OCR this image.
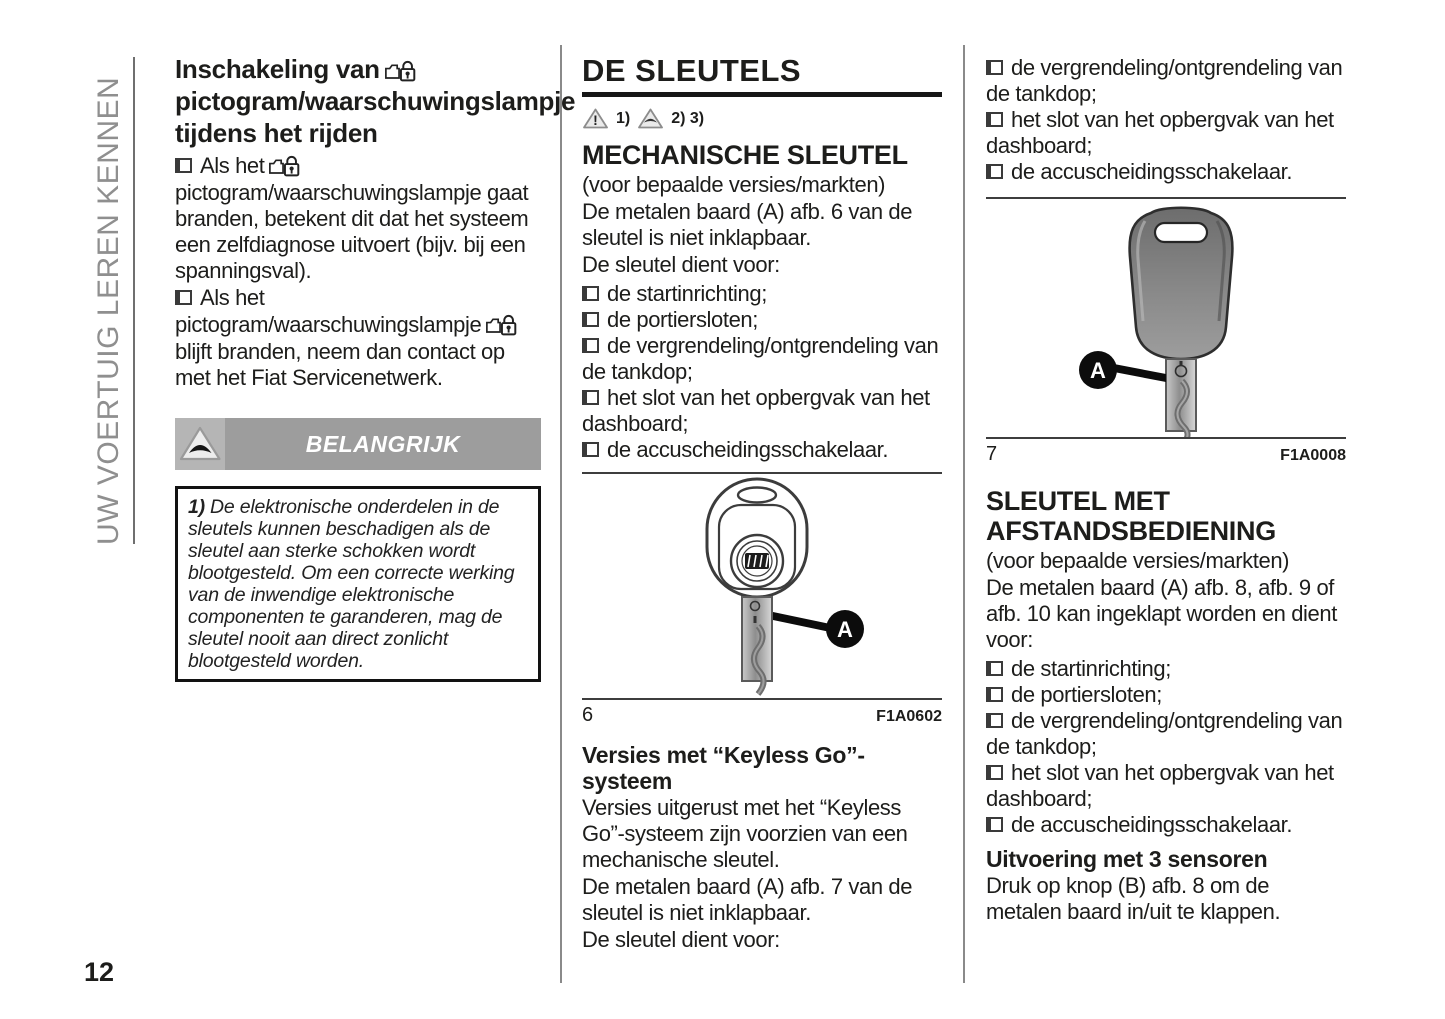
UW VOERTUIG LEREN KENNEN
12
Inschakeling van pictogram/waarschuwingslampje tijdens het rijden
Als het
pictogram/waarschuwingslampje gaat branden, betekent dit dat het systeem een zelfdiagnose uitvoert (bijv. bij een spanningsval).
Als het
pictogram/waarschuwingslampje
blijft branden, neem dan contact op met het Fiat Servicenetwerk.
BELANGRIJK
1) De elektronische onderdelen in de sleutels kunnen beschadigen als de sleutel aan sterke schokken wordt blootgesteld. Om een correcte werking van de inwendige elektronische componenten te garanderen, mag de sleutel nooit aan direct zonlicht blootgesteld worden.
DE SLEUTELS
! 1)	2) 3)
MECHANISCHE SLEUTEL
(voor bepaalde versies/markten)
De metalen baard (A) afb. 6 van de sleutel is niet inklapbaar.
De sleutel dient voor:
de startinrichting;
de portiersloten;
de vergrendeling/ontgrendeling van de tankdop;
het slot van het opbergvak van het dashboard;
de accuscheidingsschakelaar.
A
6	F1A0602
Versies met “Keyless Go”-systeem
Versies uitgerust met het “Keyless Go”-systeem zijn voorzien van een mechanische sleutel.
De metalen baard (A) afb. 7 van de sleutel is niet inklapbaar.
De sleutel dient voor:
de vergrendeling/ontgrendeling van de tankdop;
het slot van het opbergvak van het dashboard;
de accuscheidingsschakelaar.
A
7	F1A0008
SLEUTEL MET AFSTANDSBEDIENING
(voor bepaalde versies/markten)
De metalen baard (A) afb. 8, afb. 9 of afb. 10 kan ingeklapt worden en dient voor:
de startinrichting;
de portiersloten;
de vergrendeling/ontgrendeling van de tankdop;
het slot van het opbergvak van het dashboard;
de accuscheidingsschakelaar.
Uitvoering met 3 sensoren
Druk op knop (B) afb. 8 om de metalen baard in/uit te klappen.
